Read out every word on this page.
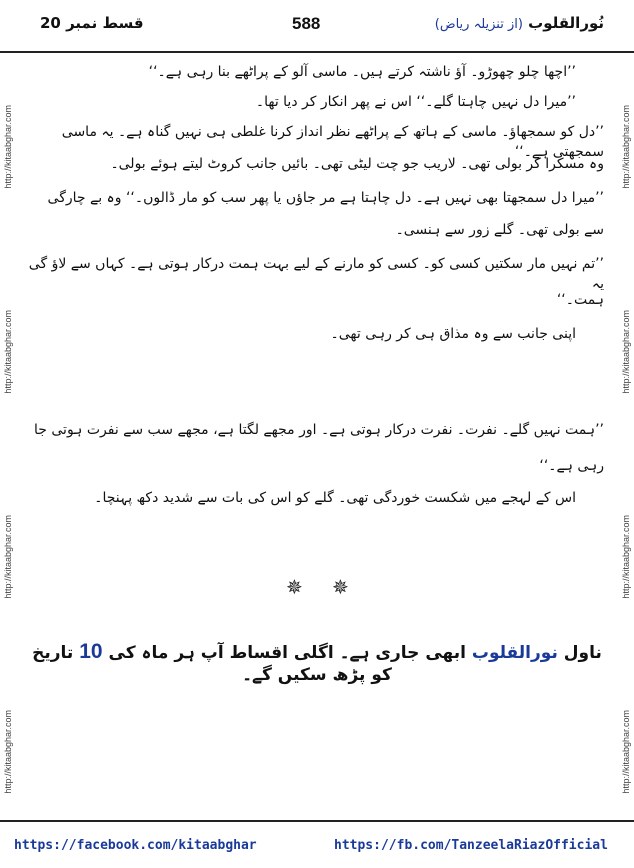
قسط نمبر 20	588	نُورالقلوب (از تنزیلہ ریاض)
http://kitaabghar.com
http://kitaabghar.com
http://kitaabghar.com
http://kitaabghar.com
http://kitaabghar.com
http://kitaabghar.com
http://kitaabghar.com
http://kitaabghar.com
’’اچھا چلو چھوڑو۔ آؤ ناشتہ کرتے ہیں۔ ماسی آلو کے پراٹھے بنا رہی ہے۔‘‘
’’میرا دل نہیں چاہتا گلے۔‘‘ اس نے پھر انکار کر دیا تھا۔
’’دل کو سمجھاؤ۔ ماسی کے ہاتھ کے پراٹھے نظر انداز کرنا غلطی ہی نہیں گناہ ہے۔ یہ ماسی سمجھتی ہے۔‘‘
وہ مسکرا کر بولی تھی۔ لاریب جو چت لیٹی تھی۔ بائیں جانب کروٹ لیتے ہوئے بولی۔
’’میرا دل سمجھتا بھی نہیں ہے۔ دل چاہتا ہے مر جاؤں یا پھر سب کو مار ڈالوں۔‘‘ وہ بے چارگی
سے بولی تھی۔ گلے زور سے ہنسی۔
’’تم نہیں مار سکتیں کسی کو۔ کسی کو مارنے کے لیے بہت ہمت درکار ہوتی ہے۔ کہاں سے لاؤ گی یہ
ہمت۔‘‘
اپنی جانب سے وہ مذاق ہی کر رہی تھی۔
’’ہمت نہیں گلے۔ نفرت۔ نفرت درکار ہوتی ہے۔ اور مجھے لگتا ہے، مجھے سب سے نفرت ہوتی جا
رہی ہے۔‘‘
اس کے لہجے میں شکست خوردگی تھی۔ گلے کو اس کی بات سے شدید دکھ پہنچا۔
✵ ✵
ناول نورالقلوب ابھی جاری ہے۔ اگلی اقساط آپ ہر ماہ کی 10 تاریخ کو پڑھ سکیں گے۔
https://facebook.com/kitaabghar	https://fb.com/TanzeelaRiazOfficial
